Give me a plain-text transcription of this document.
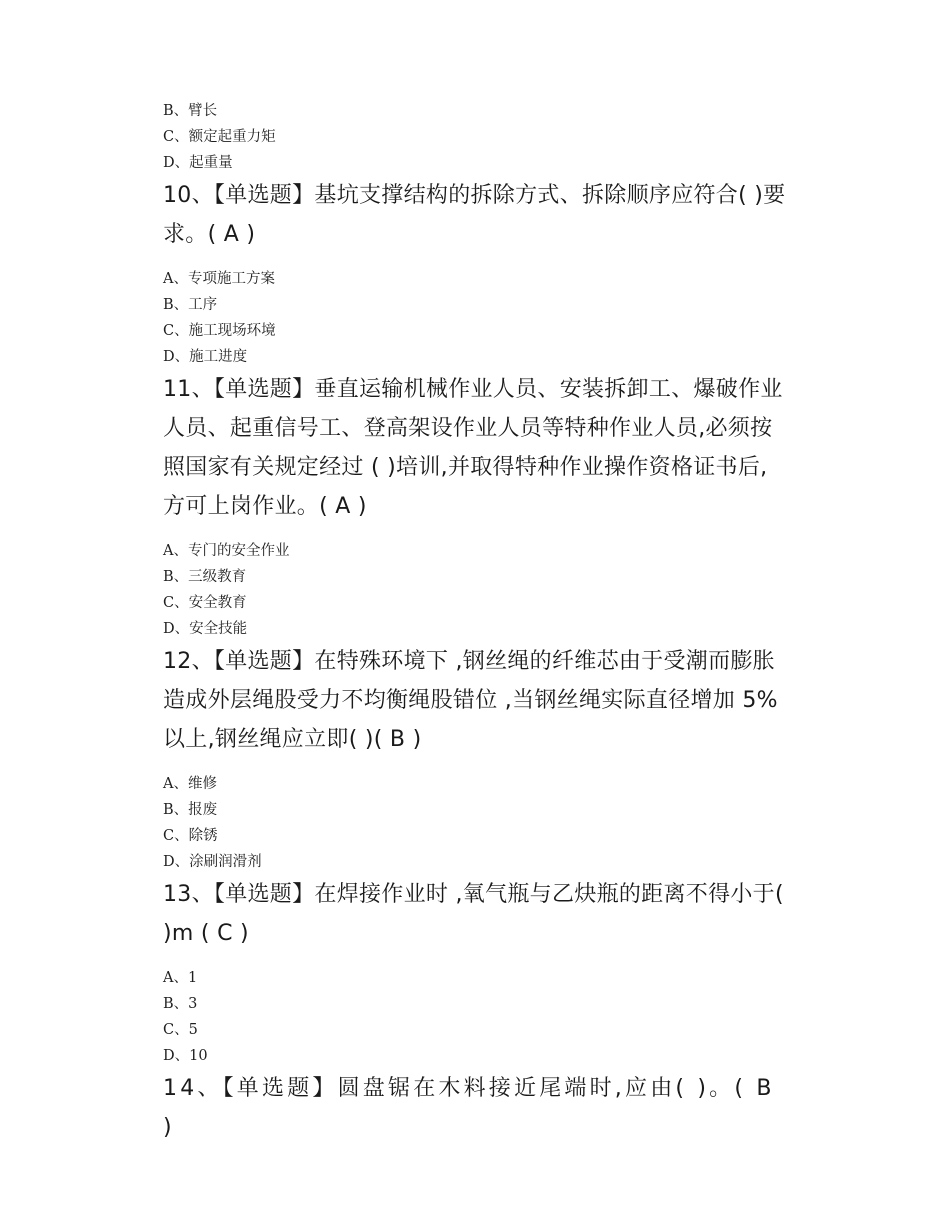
B、臂长
C、额定起重力矩
D、起重量
10、【单选题】基坑支撑结构的拆除方式、拆除顺序应符合( )要求。( A )
A、专项施工方案
B、工序
C、施工现场环境
D、施工进度
11、【单选题】垂直运输机械作业人员、安装拆卸工、爆破作业人员、起重信号工、登高架设作业人员等特种作业人员,必须按照国家有关规定经过 ( )培训,并取得特种作业操作资格证书后,方可上岗作业。( A )
A、专门的安全作业
B、三级教育
C、安全教育
D、安全技能
12、【单选题】在特殊环境下 ,钢丝绳的纤维芯由于受潮而膨胀造成外层绳股受力不均衡绳股错位 ,当钢丝绳实际直径增加 5%以上,钢丝绳应立即( )( B )
A、维修
B、报废
C、除锈
D、涂刷润滑剂
13、【单选题】在焊接作业时 ,氧气瓶与乙炔瓶的距离不得小于( )m ( C )
A、1
B、3
C、5
D、10
14、【单选题】圆盘锯在木料接近尾端时,应由( )。( B )
